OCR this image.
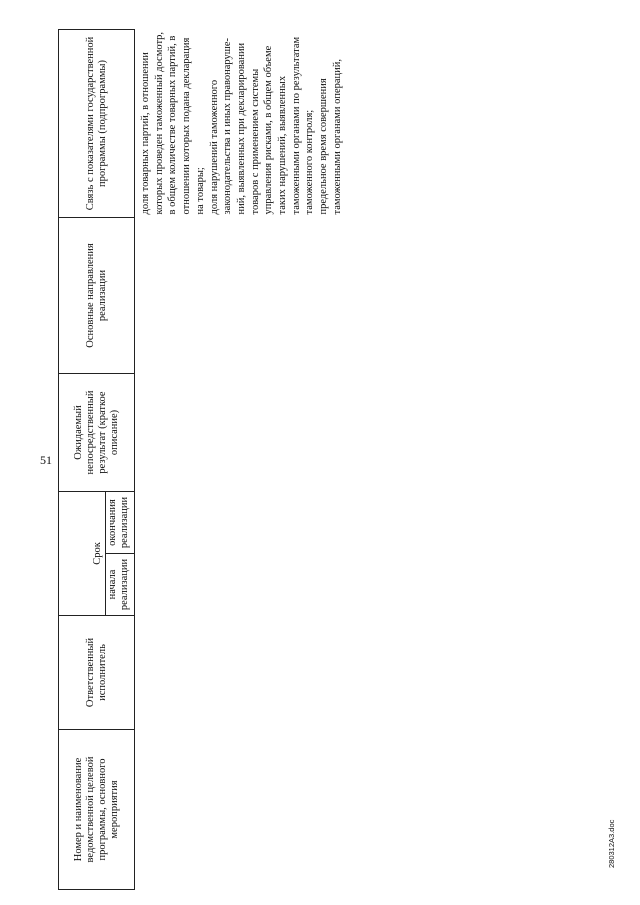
51
Номер и наименование ведомственной целевой программы, основного мероприятия	Ответственный исполнитель	Срок		Ожидаемый непосредственный результат (краткое описание)	Основные направления реализации	Связь с показателями государственной программы (подпрограммы)
		начала реализации	окончания реализации			
						доля товарных партий, в отношении которых проведен таможенный досмотр, в общем количестве товарных партий, в отношении которых подана декларация на товары;
доля нарушений таможенного законодательства и иных правонаруше-ний, выявленных при декларировании товаров с применением системы управления рисками, в общем объеме таких нарушений, выявленных таможенными органами по результатам таможенного контроля;
предельное время совершения таможенными органами операций,
280312A3.doc
